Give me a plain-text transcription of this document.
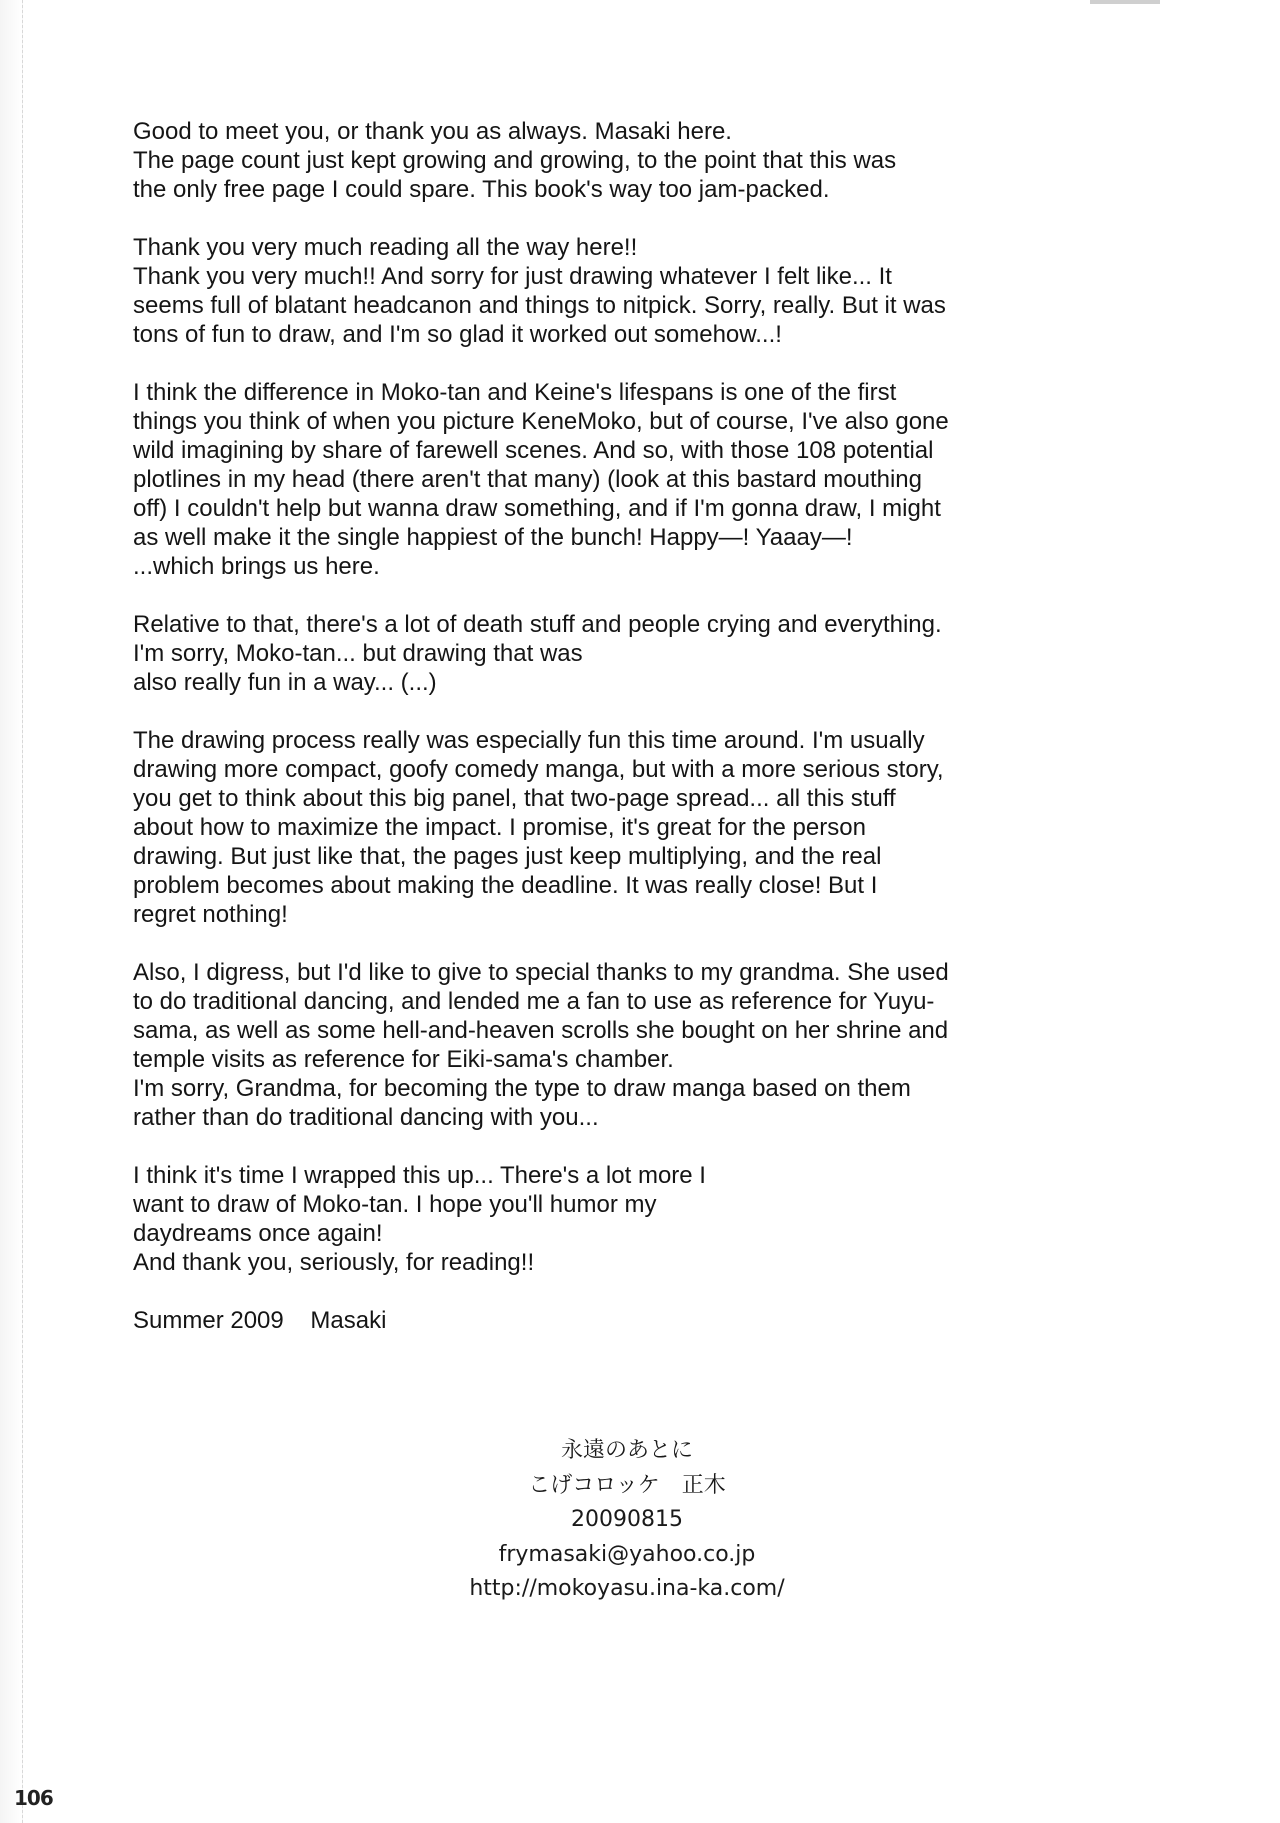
Good to meet you, or thank you as always. Masaki here.
The page count just kept growing and growing, to the point that this was
the only free page I could spare. This book's way too jam-packed.

Thank you very much reading all the way here!!
Thank you very much!! And sorry for just drawing whatever I felt like... It
seems full of blatant headcanon and things to nitpick. Sorry, really. But it was
tons of fun to draw, and I'm so glad it worked out somehow...!

I think the difference in Moko-tan and Keine's lifespans is one of the first
things you think of when you picture KeneMoko, but of course, I've also gone
wild imagining by share of farewell scenes. And so, with those 108 potential
plotlines in my head (there aren't that many) (look at this bastard mouthing
off) I couldn't help but wanna draw something, and if I'm gonna draw, I might
as well make it the single happiest of the bunch! Happy—! Yaaay—!
...which brings us here.

Relative to that, there's a lot of death stuff and people crying and everything.
I'm sorry, Moko-tan... but drawing that was
also really fun in a way... (...)

The drawing process really was especially fun this time around. I'm usually
drawing more compact, goofy comedy manga, but with a more serious story,
you get to think about this big panel, that two-page spread... all this stuff
about how to maximize the impact. I promise, it's great for the person
drawing. But just like that, the pages just keep multiplying, and the real
problem becomes about making the deadline. It was really close! But I
regret nothing!

Also, I digress, but I'd like to give to special thanks to my grandma. She used
to do traditional dancing, and lended me a fan to use as reference for Yuyu-
sama, as well as some hell-and-heaven scrolls she bought on her shrine and
temple visits as reference for Eiki-sama's chamber.
I'm sorry, Grandma, for becoming the type to draw manga based on them
rather than do traditional dancing with you...

I think it's time I wrapped this up... There's a lot more I
want to draw of Moko-tan. I hope you'll humor my
daydreams once again!
And thank you, seriously, for reading!!

Summer 2009    Masaki

永遠のあとに
こげコロッケ　正木
20090815
frymasaki@yahoo.co.jp
http://mokoyasu.ina-ka.com/
106
